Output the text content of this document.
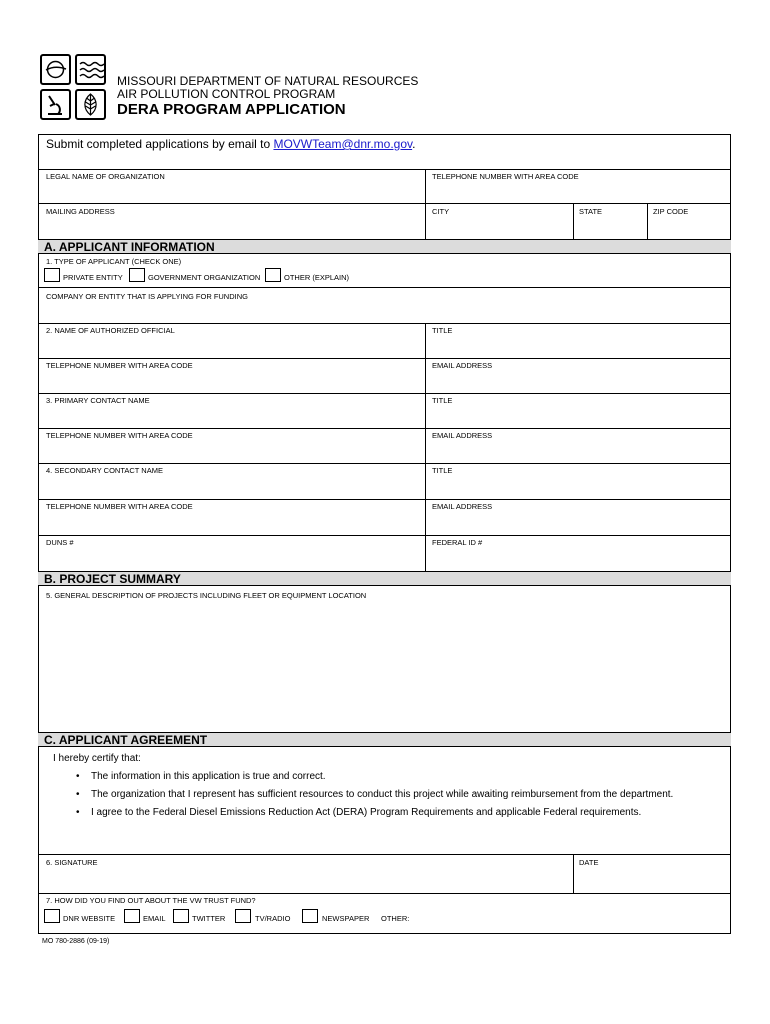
MISSOURI DEPARTMENT OF NATURAL RESOURCES
AIR POLLUTION CONTROL PROGRAM
DERA PROGRAM APPLICATION
Submit completed applications by email to MOVWTeam@dnr.mo.gov.
LEGAL NAME OF ORGANIZATION	TELEPHONE NUMBER WITH AREA CODE
MAILING ADDRESS	CITY	STATE	ZIP CODE
A. APPLICANT INFORMATION
1. TYPE OF APPLICANT (CHECK ONE)
PRIVATE ENTITY	GOVERNMENT ORGANIZATION	OTHER (EXPLAIN)
COMPANY OR ENTITY THAT IS APPLYING FOR FUNDING
2. NAME OF AUTHORIZED OFFICIAL	TITLE
TELEPHONE NUMBER WITH AREA CODE	EMAIL ADDRESS
3. PRIMARY CONTACT NAME	TITLE
TELEPHONE NUMBER WITH AREA CODE	EMAIL ADDRESS
4. SECONDARY CONTACT NAME	TITLE
TELEPHONE NUMBER WITH AREA CODE	EMAIL ADDRESS
DUNS #	FEDERAL ID #
B. PROJECT SUMMARY
5. GENERAL DESCRIPTION OF PROJECTS INCLUDING FLEET OR EQUIPMENT LOCATION
C. APPLICANT AGREEMENT
I hereby certify that:
• The information in this application is true and correct.
• The organization that I represent has sufficient resources to conduct this project while awaiting reimbursement from the department.
• I agree to the Federal Diesel Emissions Reduction Act (DERA) Program Requirements and applicable Federal requirements.
6. SIGNATURE	DATE
7. HOW DID YOU FIND OUT ABOUT THE VW TRUST FUND?
DNR WEBSITE	EMAIL	TWITTER	TV/RADIO	NEWSPAPER OTHER:
MO 780-2886 (09-19)
